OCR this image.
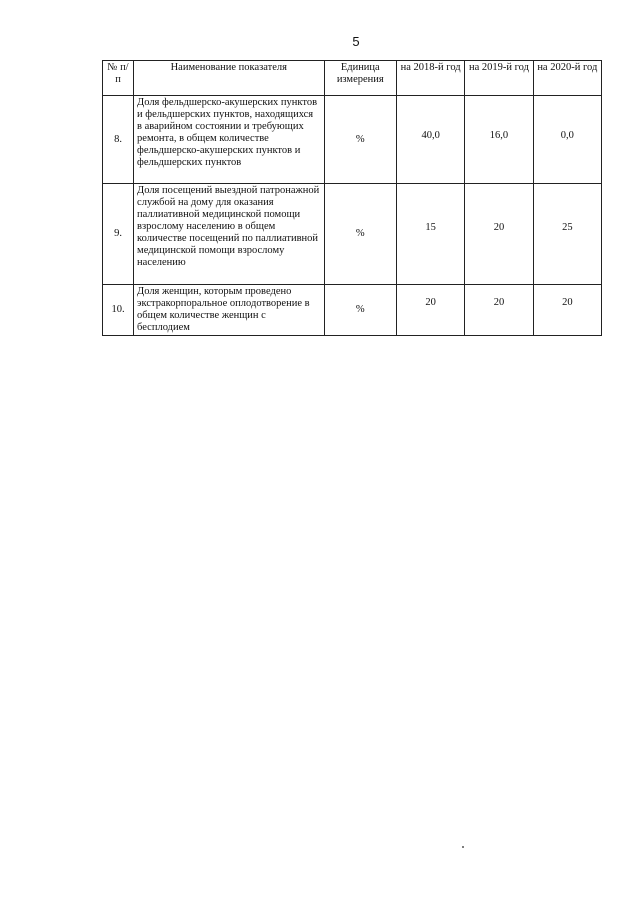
5
№ п/п	Наименование показателя	Единица измерения	на 2018-й год	на 2019-й год	на 2020-й год
8.	Доля фельдшерско-акушерских пунктов и фельдшерских пунктов, находящихся в аварийном состоянии и требующих ремонта, в общем количестве фельдшерско-акушерских пунктов и фельдшерских пунктов	%	40,0	16,0	0,0

9.	Доля посещений выездной патронажной службой на дому для оказания паллиативной медицинской помощи взрослому населению в общем количестве посещений по паллиативной медицинской помощи взрослому населению	%	15	20	25

10.	Доля женщин, которым проведено экстракорпоральное оплодотворение в общем количестве женщин с бесплодием	%	20	20	20
